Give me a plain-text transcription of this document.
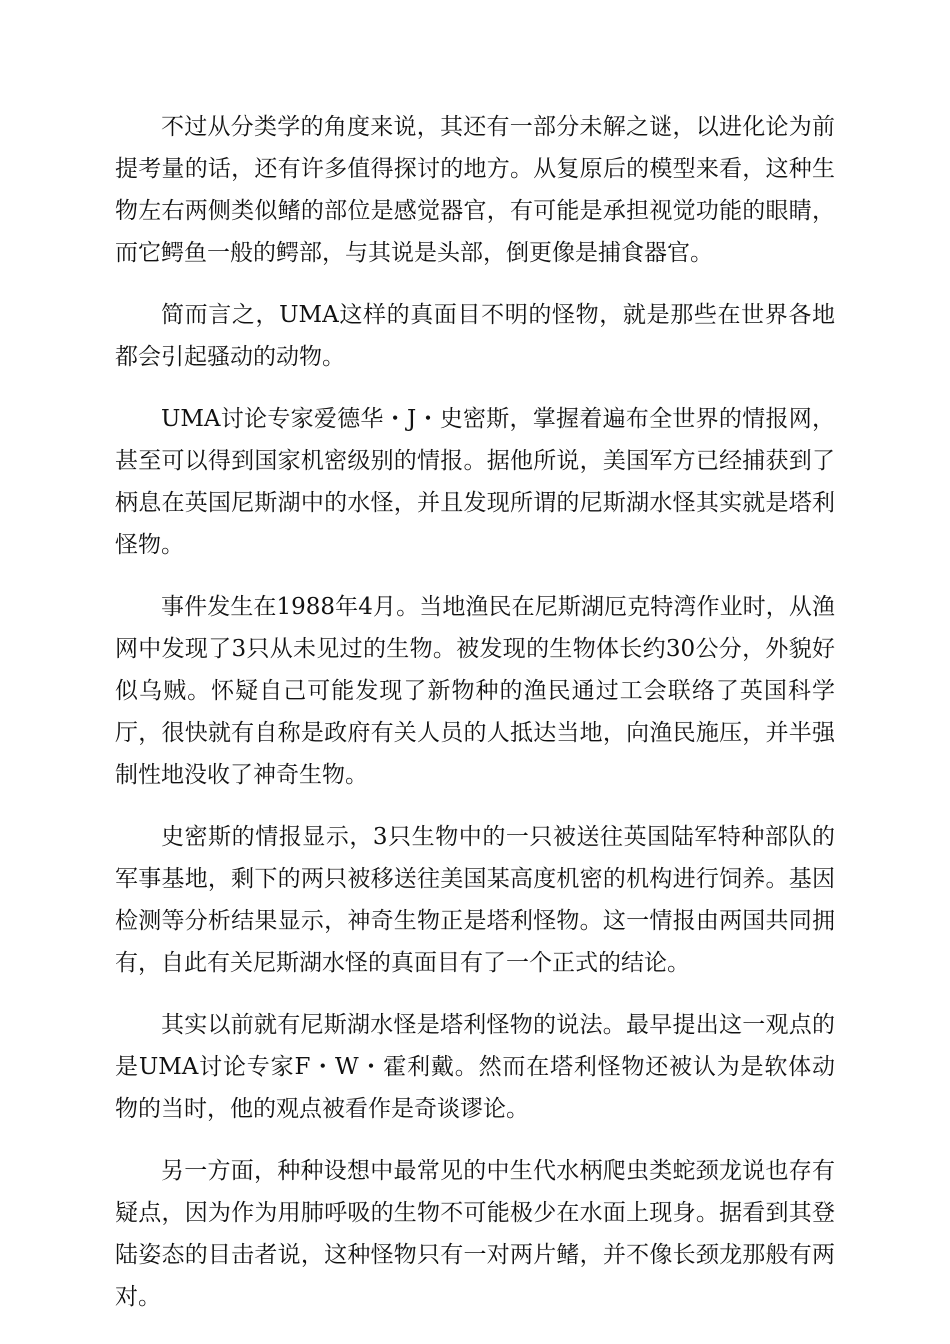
不过从分类学的角度来说，其还有一部分未解之谜，以进化论为前提考量的话，还有许多值得探讨的地方。从复原后的模型来看，这种生物左右两侧类似鳍的部位是感觉器官，有可能是承担视觉功能的眼睛，而它鳄鱼一般的鳄部，与其说是头部，倒更像是捕食器官。

简而言之，UMA这样的真面目不明的怪物，就是那些在世界各地都会引起骚动的动物。

UMA讨论专家爱德华・J・史密斯，掌握着遍布全世界的情报网，甚至可以得到国家机密级别的情报。据他所说，美国军方已经捕获到了柄息在英国尼斯湖中的水怪，并且发现所谓的尼斯湖水怪其实就是塔利怪物。

事件发生在1988年4月。当地渔民在尼斯湖厄克特湾作业时，从渔网中发现了3只从未见过的生物。被发现的生物体长约30公分，外貌好似乌贼。怀疑自己可能发现了新物种的渔民通过工会联络了英国科学厅，很快就有自称是政府有关人员的人抵达当地，向渔民施压，并半强制性地没收了神奇生物。

史密斯的情报显示，3只生物中的一只被送往英国陆军特种部队的军事基地，剩下的两只被移送往美国某高度机密的机构进行饲养。基因检测等分析结果显示，神奇生物正是塔利怪物。这一情报由两国共同拥有，自此有关尼斯湖水怪的真面目有了一个正式的结论。

其实以前就有尼斯湖水怪是塔利怪物的说法。最早提出这一观点的是UMA讨论专家F・W・霍利戴。然而在塔利怪物还被认为是软体动物的当时，他的观点被看作是奇谈谬论。

另一方面，种种设想中最常见的中生代水柄爬虫类蛇颈龙说也存有疑点，因为作为用肺呼吸的生物不可能极少在水面上现身。据看到其登陆姿态的目击者说，这种怪物只有一对两片鳍，并不像长颈龙那般有两对。
